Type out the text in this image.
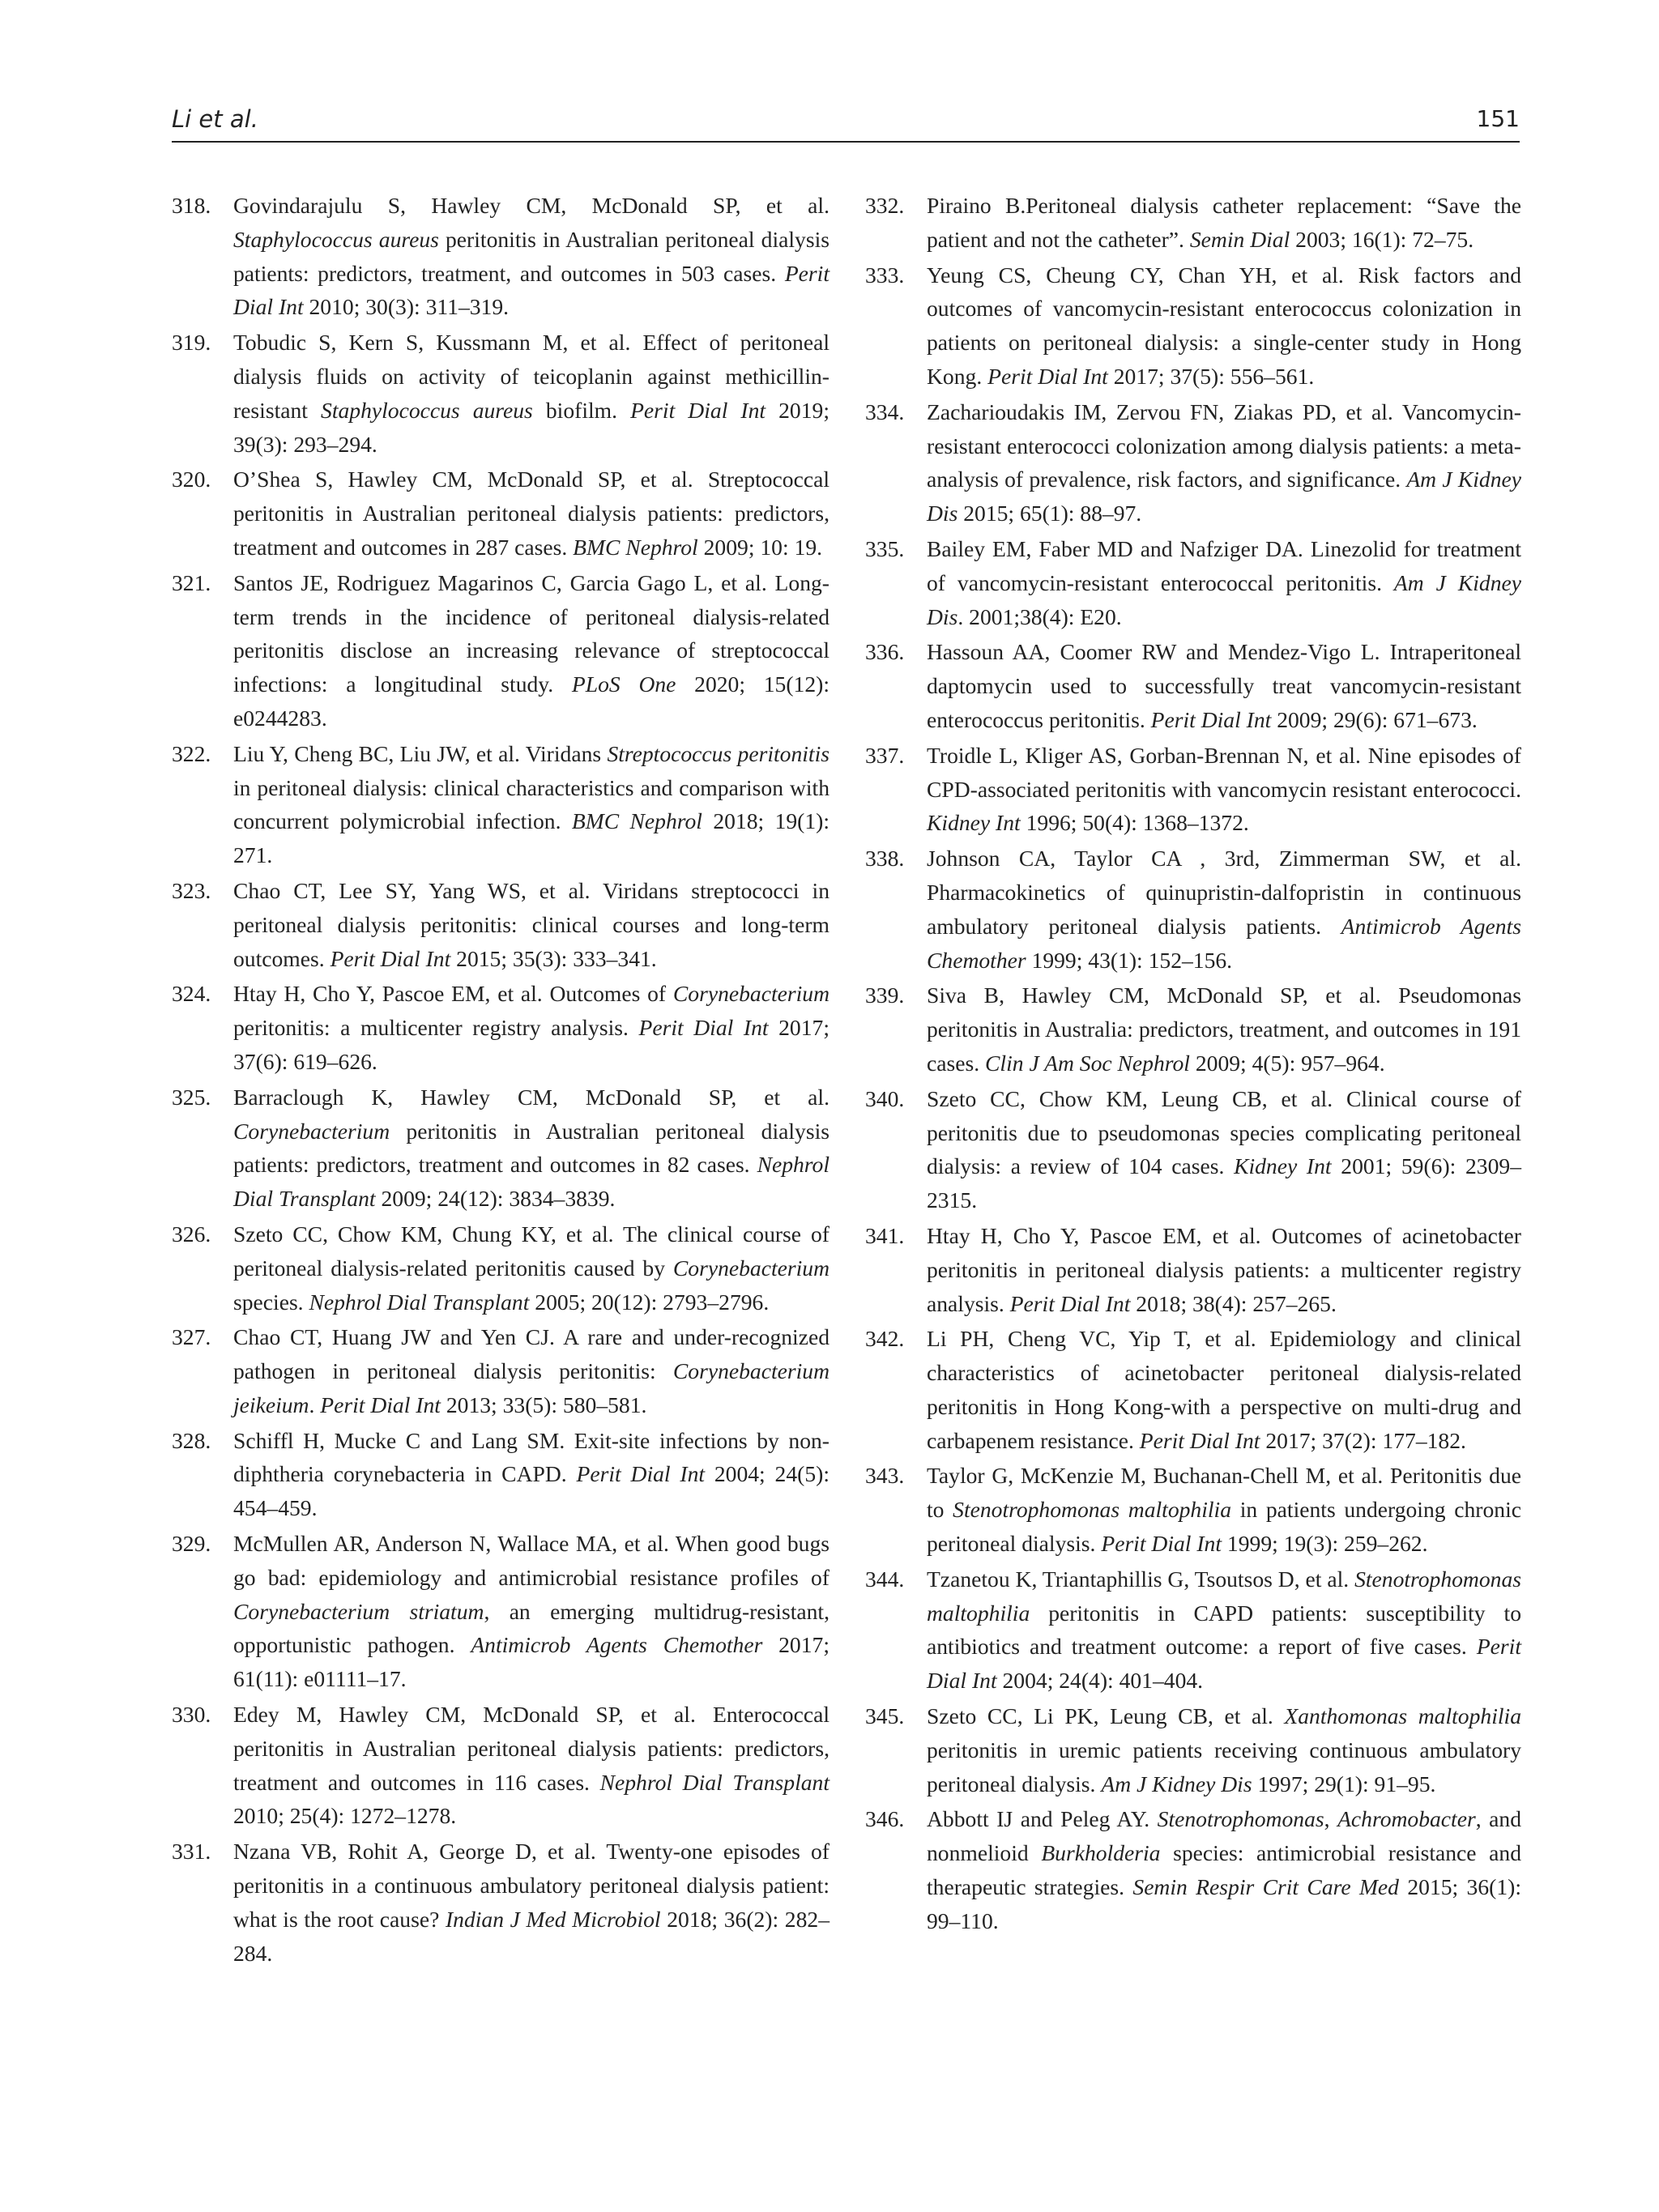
Li et al.	151
318.	Govindarajulu S, Hawley CM, McDonald SP, et al. Staphylococcus aureus peritonitis in Australian peritoneal dialysis patients: predictors, treatment, and outcomes in 503 cases. Perit Dial Int 2010; 30(3): 311–319.
319.	Tobudic S, Kern S, Kussmann M, et al. Effect of peritoneal dialysis fluids on activity of teicoplanin against methicillin-resistant Staphylococcus aureus biofilm. Perit Dial Int 2019; 39(3): 293–294.
320.	O’Shea S, Hawley CM, McDonald SP, et al. Streptococcal peritonitis in Australian peritoneal dialysis patients: predictors, treatment and outcomes in 287 cases. BMC Nephrol 2009; 10: 19.
321.	Santos JE, Rodriguez Magarinos C, Garcia Gago L, et al. Long-term trends in the incidence of peritoneal dialysis-related peritonitis disclose an increasing relevance of streptococcal infections: a longitudinal study. PLoS One 2020; 15(12): e0244283.
322.	Liu Y, Cheng BC, Liu JW, et al. Viridans Streptococcus peritonitis in peritoneal dialysis: clinical characteristics and comparison with concurrent polymicrobial infection. BMC Nephrol 2018; 19(1): 271.
323.	Chao CT, Lee SY, Yang WS, et al. Viridans streptococci in peritoneal dialysis peritonitis: clinical courses and long-term outcomes. Perit Dial Int 2015; 35(3): 333–341.
324.	Htay H, Cho Y, Pascoe EM, et al. Outcomes of Corynebacterium peritonitis: a multicenter registry analysis. Perit Dial Int 2017; 37(6): 619–626.
325.	Barraclough K, Hawley CM, McDonald SP, et al. Corynebacterium peritonitis in Australian peritoneal dialysis patients: predictors, treatment and outcomes in 82 cases. Nephrol Dial Transplant 2009; 24(12): 3834–3839.
326.	Szeto CC, Chow KM, Chung KY, et al. The clinical course of peritoneal dialysis-related peritonitis caused by Corynebacterium species. Nephrol Dial Transplant 2005; 20(12): 2793–2796.
327.	Chao CT, Huang JW and Yen CJ. A rare and under-recognized pathogen in peritoneal dialysis peritonitis: Corynebacterium jeikeium. Perit Dial Int 2013; 33(5): 580–581.
328.	Schiffl H, Mucke C and Lang SM. Exit-site infections by non-diphtheria corynebacteria in CAPD. Perit Dial Int 2004; 24(5): 454–459.
329.	McMullen AR, Anderson N, Wallace MA, et al. When good bugs go bad: epidemiology and antimicrobial resistance profiles of Corynebacterium striatum, an emerging multidrug-resistant, opportunistic pathogen. Antimicrob Agents Chemother 2017; 61(11): e01111–17.
330.	Edey M, Hawley CM, McDonald SP, et al. Enterococcal peritonitis in Australian peritoneal dialysis patients: predictors, treatment and outcomes in 116 cases. Nephrol Dial Transplant 2010; 25(4): 1272–1278.
331.	Nzana VB, Rohit A, George D, et al. Twenty-one episodes of peritonitis in a continuous ambulatory peritoneal dialysis patient: what is the root cause? Indian J Med Microbiol 2018; 36(2): 282–284.
332.	Piraino B.Peritoneal dialysis catheter replacement: “Save the patient and not the catheter”. Semin Dial 2003; 16(1): 72–75.
333.	Yeung CS, Cheung CY, Chan YH, et al. Risk factors and outcomes of vancomycin-resistant enterococcus colonization in patients on peritoneal dialysis: a single-center study in Hong Kong. Perit Dial Int 2017; 37(5): 556–561.
334.	Zacharioudakis IM, Zervou FN, Ziakas PD, et al. Vancomycin-resistant enterococci colonization among dialysis patients: a meta-analysis of prevalence, risk factors, and significance. Am J Kidney Dis 2015; 65(1): 88–97.
335.	Bailey EM, Faber MD and Nafziger DA. Linezolid for treatment of vancomycin-resistant enterococcal peritonitis. Am J Kidney Dis. 2001;38(4): E20.
336.	Hassoun AA, Coomer RW and Mendez-Vigo L. Intraperitoneal daptomycin used to successfully treat vancomycin-resistant enterococcus peritonitis. Perit Dial Int 2009; 29(6): 671–673.
337.	Troidle L, Kliger AS, Gorban-Brennan N, et al. Nine episodes of CPD-associated peritonitis with vancomycin resistant enterococci. Kidney Int 1996; 50(4): 1368–1372.
338.	Johnson CA, Taylor CA , 3rd, Zimmerman SW, et al. Pharmacokinetics of quinupristin-dalfopristin in continuous ambulatory peritoneal dialysis patients. Antimicrob Agents Chemother 1999; 43(1): 152–156.
339.	Siva B, Hawley CM, McDonald SP, et al. Pseudomonas peritonitis in Australia: predictors, treatment, and outcomes in 191 cases. Clin J Am Soc Nephrol 2009; 4(5): 957–964.
340.	Szeto CC, Chow KM, Leung CB, et al. Clinical course of peritonitis due to pseudomonas species complicating peritoneal dialysis: a review of 104 cases. Kidney Int 2001; 59(6): 2309–2315.
341.	Htay H, Cho Y, Pascoe EM, et al. Outcomes of acinetobacter peritonitis in peritoneal dialysis patients: a multicenter registry analysis. Perit Dial Int 2018; 38(4): 257–265.
342.	Li PH, Cheng VC, Yip T, et al. Epidemiology and clinical characteristics of acinetobacter peritoneal dialysis-related peritonitis in Hong Kong-with a perspective on multi-drug and carbapenem resistance. Perit Dial Int 2017; 37(2): 177–182.
343.	Taylor G, McKenzie M, Buchanan-Chell M, et al. Peritonitis due to Stenotrophomonas maltophilia in patients undergoing chronic peritoneal dialysis. Perit Dial Int 1999; 19(3): 259–262.
344.	Tzanetou K, Triantaphillis G, Tsoutsos D, et al. Stenotrophomonas maltophilia peritonitis in CAPD patients: susceptibility to antibiotics and treatment outcome: a report of five cases. Perit Dial Int 2004; 24(4): 401–404.
345.	Szeto CC, Li PK, Leung CB, et al. Xanthomonas maltophilia peritonitis in uremic patients receiving continuous ambulatory peritoneal dialysis. Am J Kidney Dis 1997; 29(1): 91–95.
346.	Abbott IJ and Peleg AY. Stenotrophomonas, Achromobacter, and nonmelioid Burkholderia species: antimicrobial resistance and therapeutic strategies. Semin Respir Crit Care Med 2015; 36(1): 99–110.
